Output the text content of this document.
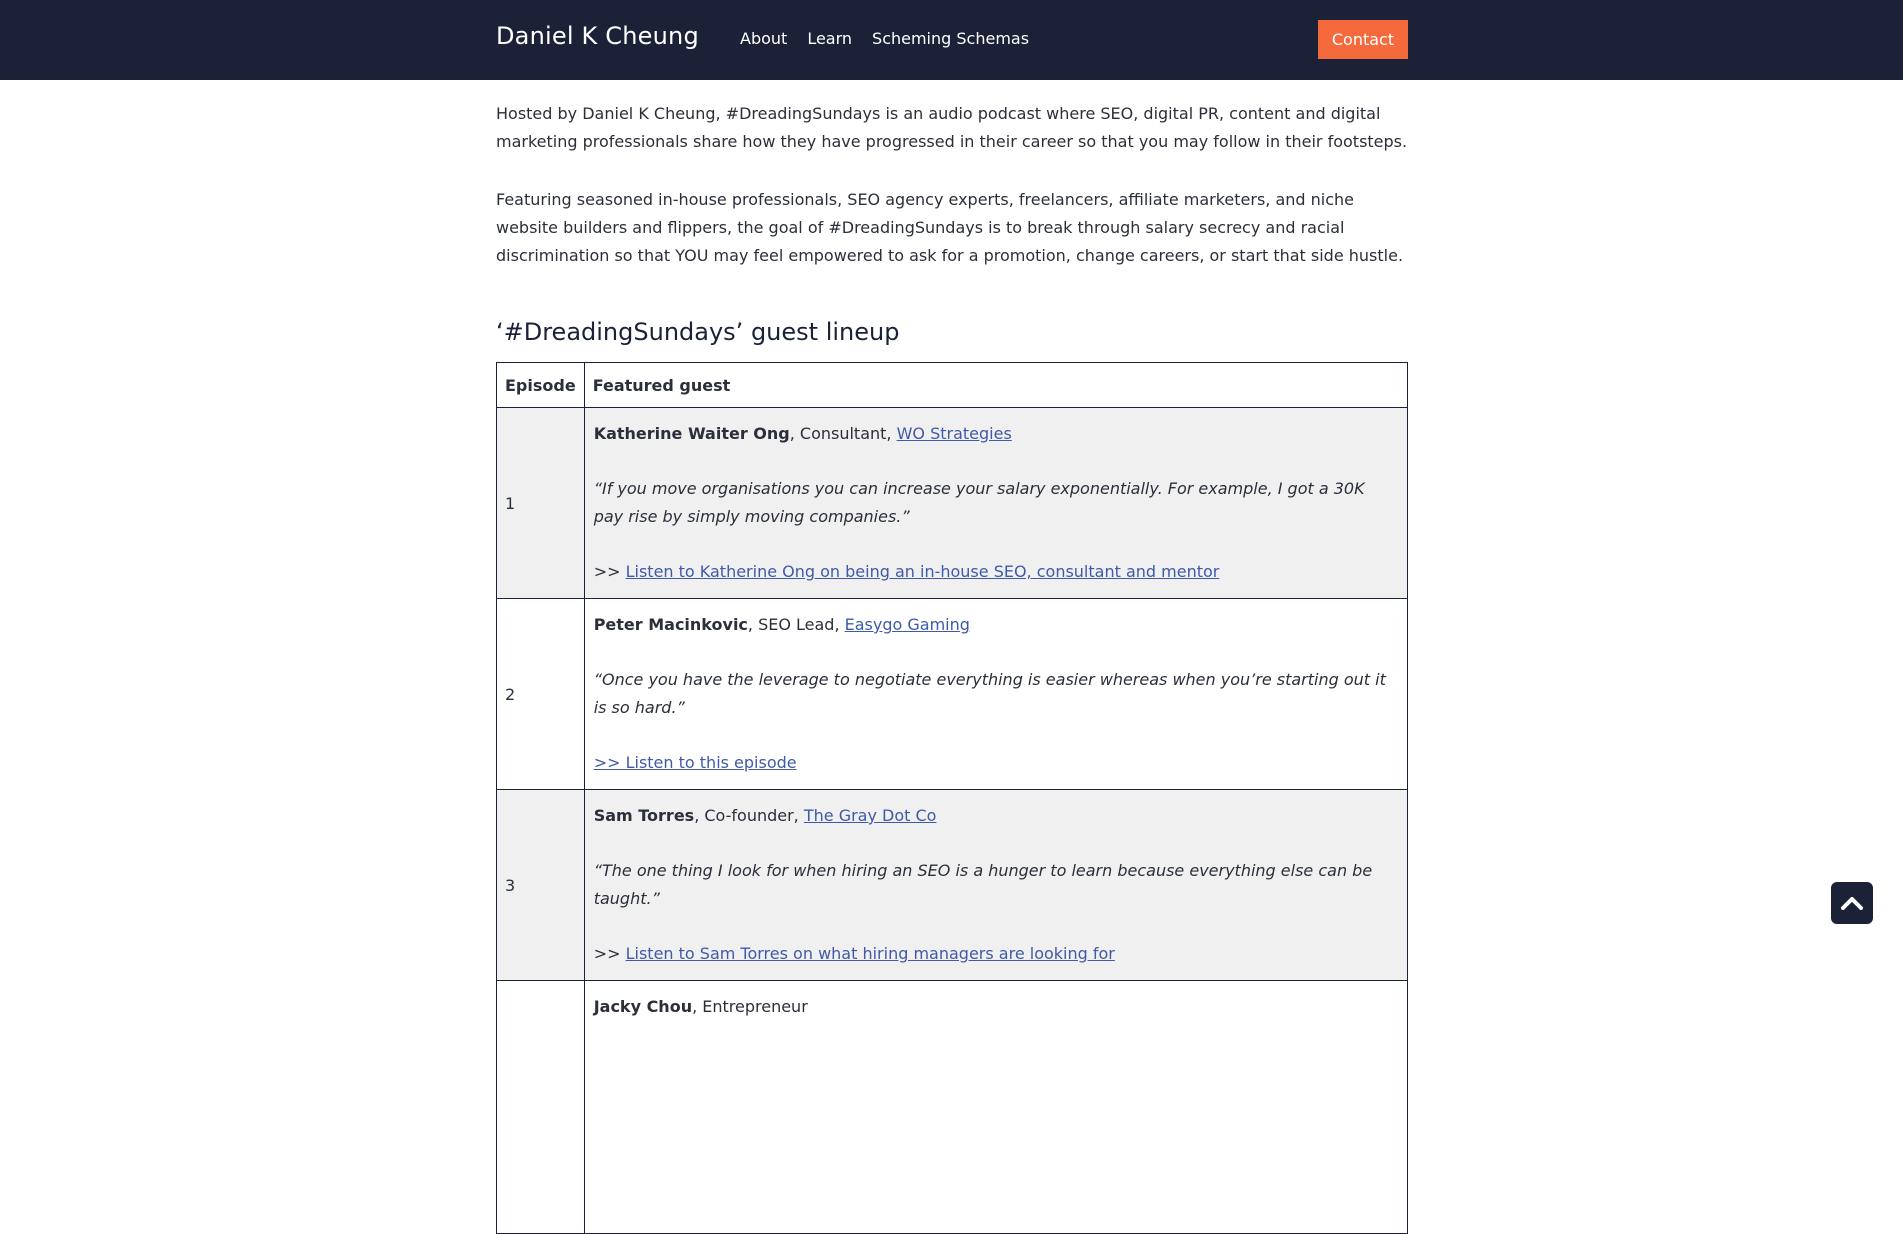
Daniel K Cheung	About Learn Scheming Schemas	Contact

Hosted by Daniel K Cheung, #DreadingSundays is an audio podcast where SEO, digital PR, content and digital marketing professionals share how they have progressed in their career so that you may follow in their footsteps.

Featuring seasoned in-house professionals, SEO agency experts, freelancers, affiliate marketers, and niche website builders and flippers, the goal of #DreadingSundays is to break through salary secrecy and racial discrimination so that YOU may feel empowered to ask for a promotion, change careers, or start that side hustle.

‘#DreadingSundays’ guest lineup
Episode	Featured guest
1	Katherine Waiter Ong, Consultant, WO Strategies
“If you move organisations you can increase your salary exponentially. For example, I got a 30K pay rise by simply moving companies.”
>> Listen to Katherine Ong on being an in-house SEO, consultant and mentor

2	Peter Macinkovic, SEO Lead, Easygo Gaming
“Once you have the leverage to negotiate everything is easier whereas when you’re starting out it is so hard.”
>> Listen to this episode

3	Sam Torres, Co-founder, The Gray Dot Co
“The one thing I look for when hiring an SEO is a hunger to learn because everything else can be taught.”
>> Listen to Sam Torres on what hiring managers are looking for

	Jacky Chou, Entrepreneur
